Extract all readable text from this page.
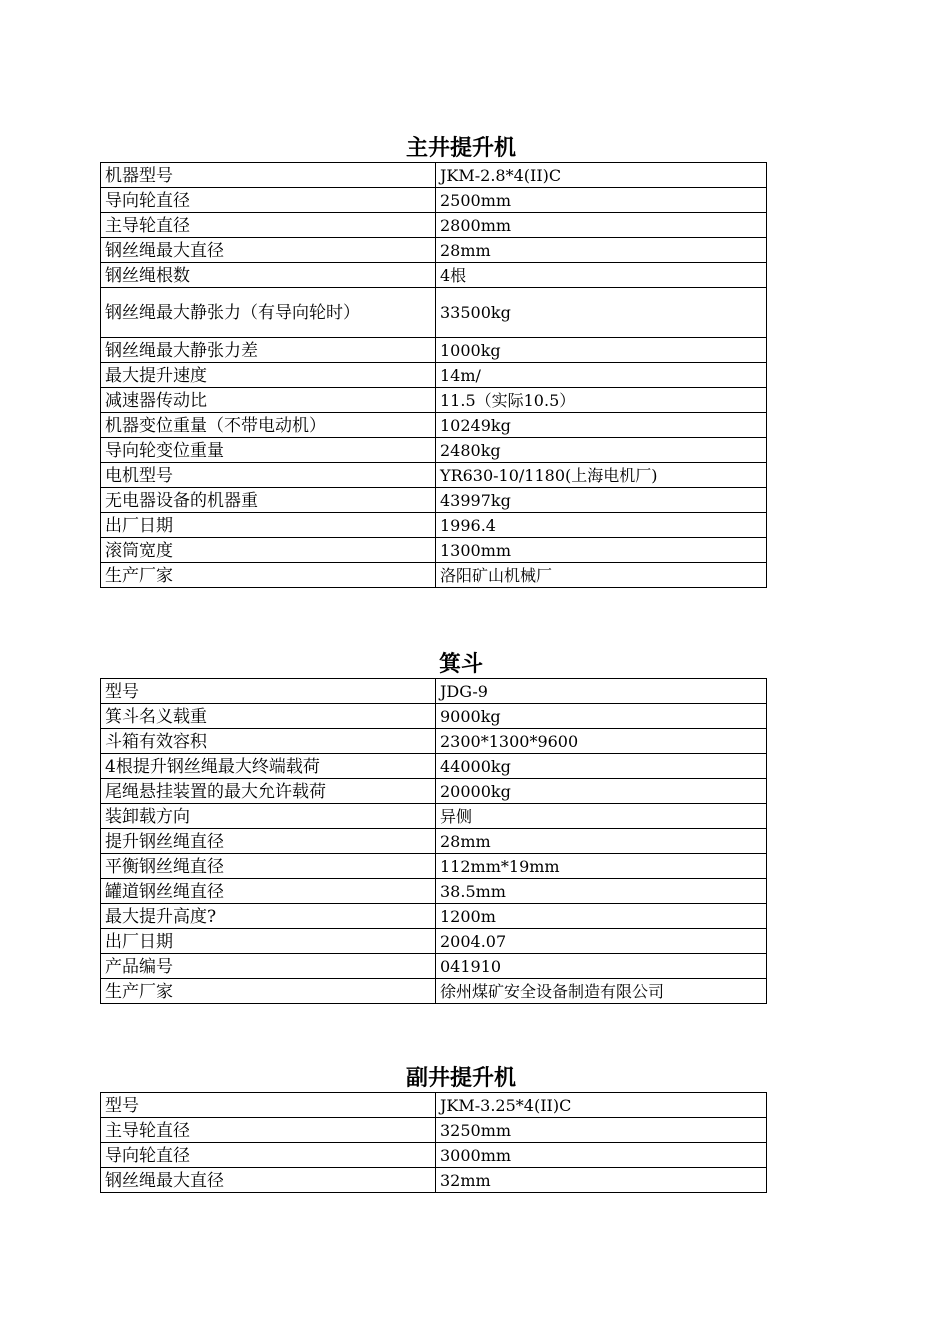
主井提升机
机器型号	JKM-2.8*4(II)C
导向轮直径	2500mm
主导轮直径	2800mm
钢丝绳最大直径	28mm
钢丝绳根数	4根
钢丝绳最大静张力（有导向轮时）	33500kg
钢丝绳最大静张力差	1000kg
最大提升速度	14m/
减速器传动比	11.5（实际10.5）
机器变位重量（不带电动机）	10249kg
导向轮变位重量	2480kg
电机型号	YR630-10/1180(上海电机厂)
无电器设备的机器重	43997kg
出厂日期	1996.4
滚筒宽度	1300mm
生产厂家	洛阳矿山机械厂
箕斗
型号	JDG-9
箕斗名义载重	9000kg
斗箱有效容积	2300*1300*9600
4根提升钢丝绳最大终端载荷	44000kg
尾绳悬挂装置的最大允许载荷	20000kg
装卸载方向	异侧
提升钢丝绳直径	28mm
平衡钢丝绳直径	112mm*19mm
罐道钢丝绳直径	38.5mm
最大提升高度?	1200m
出厂日期	2004.07
产品编号	041910
生产厂家	徐州煤矿安全设备制造有限公司
副井提升机
型号	JKM-3.25*4(II)C
主导轮直径	3250mm
导向轮直径	3000mm
钢丝绳最大直径	32mm
